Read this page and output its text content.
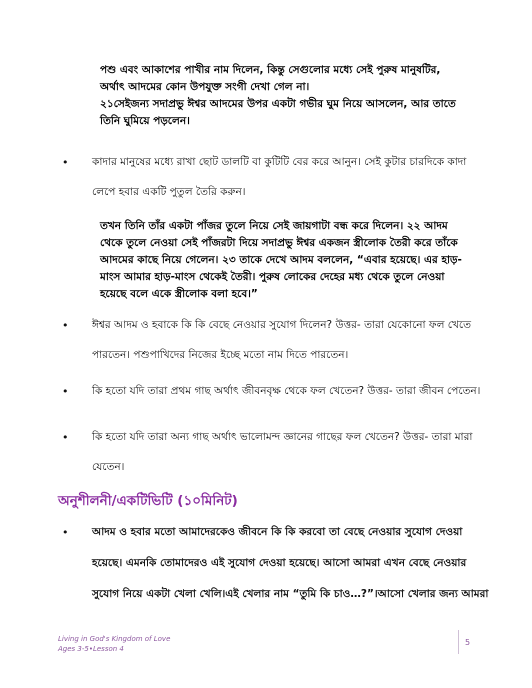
পশু এবং আকাশের পাখীর নাম দিলেন, কিন্তু সেগুলোর মধ্যে সেই পুরুষ মানুষটির,
অর্থাৎ আদমের কোন উপযুক্ত সংগী দেখা গেল না।
২১সেইজন্য সদাপ্রভু ঈশ্বর আদমের উপর একটা গভীর ঘুম নিয়ে আসলেন, আর তাতে
তিনি ঘুমিয়ে পড়লেন।
• কাদার মানুষের মধ্যে রাখা ছোট ডালটি বা কুটিটি বের করে আনুন। সেই কুটার চারদিকে কাদা
লেপে হবার একটি পুতুল তৈরি করুন।
তখন তিনি তাঁর একটা পাঁজর তুলে নিয়ে সেই জায়গাটা বন্ধ করে দিলেন। ২২ আদম
থেকে তুলে নেওয়া সেই পাঁজরটা দিয়ে সদাপ্রভু ঈশ্বর একজন স্ত্রীলোক তৈরী করে তাঁকে
আদমের কাছে নিয়ে গেলেন। ২৩ তাকে দেখে আদম বললেন, “এবার হয়েছে। এ‍র হাড়-
মাংস আমার হাড়-মাংস থেকেই তৈরী। পুরুষ লোকের দেহের মধ্য থেকে তুলে নেওয়া
হয়েছে বলে একে স্ত্রীলোক বলা হবে।”
• ঈশ্বর আদম ও হবাকে কি কি বেছে নেওয়ার সুযোগ দিলেন? উত্তর- তারা যেকোনো ফল খেতে
পারতেন। পশুপাখিদের নিজের ইচ্ছে মতো নাম দিতে পারতেন।
• কি হতো যদি তারা প্রথম গাছ অর্থাৎ জীবনবৃক্ষ থেকে ফল খেতেন? উত্তর- তারা জীবন পেতেন।
• কি হতো যদি তারা অন্য গাছ অর্থাৎ ভালোমন্দ জ্ঞানের গাছের ফল খেতেন? উত্তর- তারা মারা
যেতেন।
অনুশীলনী/একটিভিটি (১০মিনিট)
• আদম ও হবার মতো আমাদেরকেও জীবনে কি কি করবো তা বেছে নেওয়ার সুযোগ দেওয়া
হয়েছে। এমনকি তোমাদেরও এই সুযোগ দেওয়া হয়েছে। আসো আমরা এখন বেছে নেওয়ার
সুযোগ নিয়ে একটা খেলা খেলি।এই খেলার নাম “তুমি কি চাও…?”।আসো খেলার জন্য আমরা
Living in God's Kingdom of Love
Ages 3-5•Lesson 4
5
